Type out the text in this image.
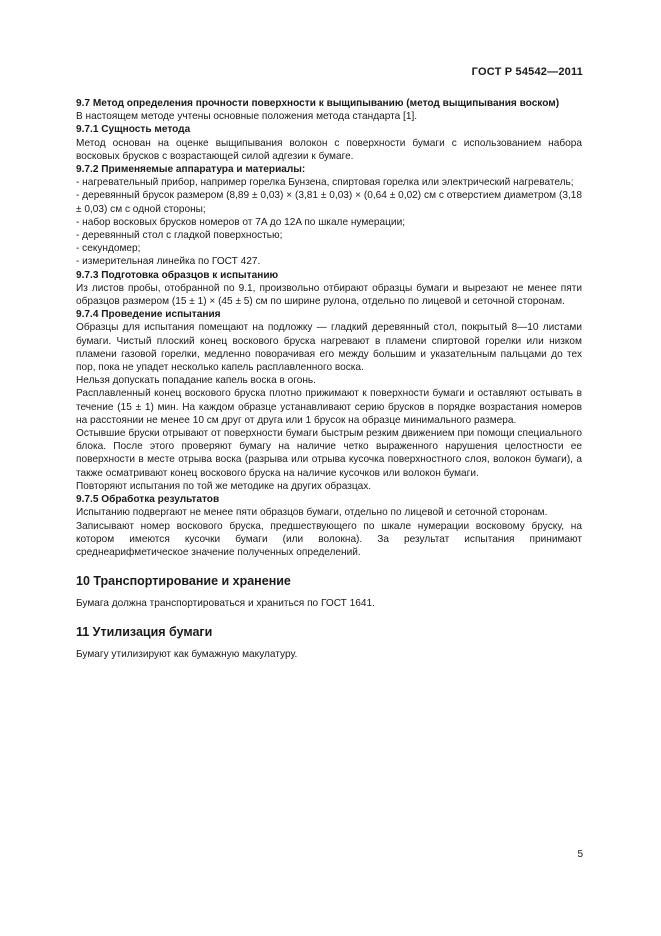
ГОСТ Р 54542—2011

9.7 Метод определения прочности поверхности к выщипыванию (метод выщипывания воском)

В настоящем методе учтены основные положения метода стандарта [1].

9.7.1 Сущность метода

Метод основан на оценке выщипывания волокон с поверхности бумаги с использованием набора восковых брусков с возрастающей силой адгезии к бумаге.

9.7.2 Применяемые аппаратура и материалы:

- нагревательный прибор, например горелка Бунзена, спиртовая горелка или электрический нагреватель;

- деревянный брусок размером (8,89 ± 0,03) × (3,81 ± 0,03) × (0,64 ± 0,02) см с отверстием диаметром (3,18 ± 0,03) см с одной стороны;

- набор восковых брусков номеров от 7A до 12A по шкале нумерации;

- деревянный стол с гладкой поверхностью;

- секундомер;

- измерительная линейка по ГОСТ 427.

9.7.3 Подготовка образцов к испытанию

Из листов пробы, отобранной по 9.1, произвольно отбирают образцы бумаги и вырезают не менее пяти образцов размером (15 ± 1) × (45 ± 5) см по ширине рулона, отдельно по лицевой и сеточной сторонам.

9.7.4 Проведение испытания

Образцы для испытания помещают на подложку — гладкий деревянный стол, покрытый 8—10 листами бумаги. Чистый плоский конец воскового бруска нагревают в пламени спиртовой горелки или низком пламени газовой горелки, медленно поворачивая его между большим и указательным пальцами до тех пор, пока не упадет несколько капель расплавленного воска.

Нельзя допускать попадание капель воска в огонь.

Расплавленный конец воскового бруска плотно прижимают к поверхности бумаги и оставляют остывать в течение (15 ± 1) мин. На каждом образце устанавливают серию брусков в порядке возрастания номеров на расстоянии не менее 10 см друг от друга или 1 брусок на образце минимального размера.

Остывшие бруски отрывают от поверхности бумаги быстрым резким движением при помощи специального блока. После этого проверяют бумагу на наличие четко выраженного нарушения целостности ее поверхности в месте отрыва воска (разрыва или отрыва кусочка поверхностного слоя, волокон бумаги), а также осматривают конец воскового бруска на наличие кусочков или волокон бумаги.

Повторяют испытания по той же методике на других образцах.

9.7.5 Обработка результатов

Испытанию подвергают не менее пяти образцов бумаги, отдельно по лицевой и сеточной сторонам.

Записывают номер воскового бруска, предшествующего по шкале нумерации восковому бруску, на котором имеются кусочки бумаги (или волокна). За результат испытания принимают среднеарифметическое значение полученных определений.

10 Транспортирование и хранение

Бумага должна транспортироваться и храниться по ГОСТ 1641.

11 Утилизация бумаги

Бумагу утилизируют как бумажную макулатуру.

5
